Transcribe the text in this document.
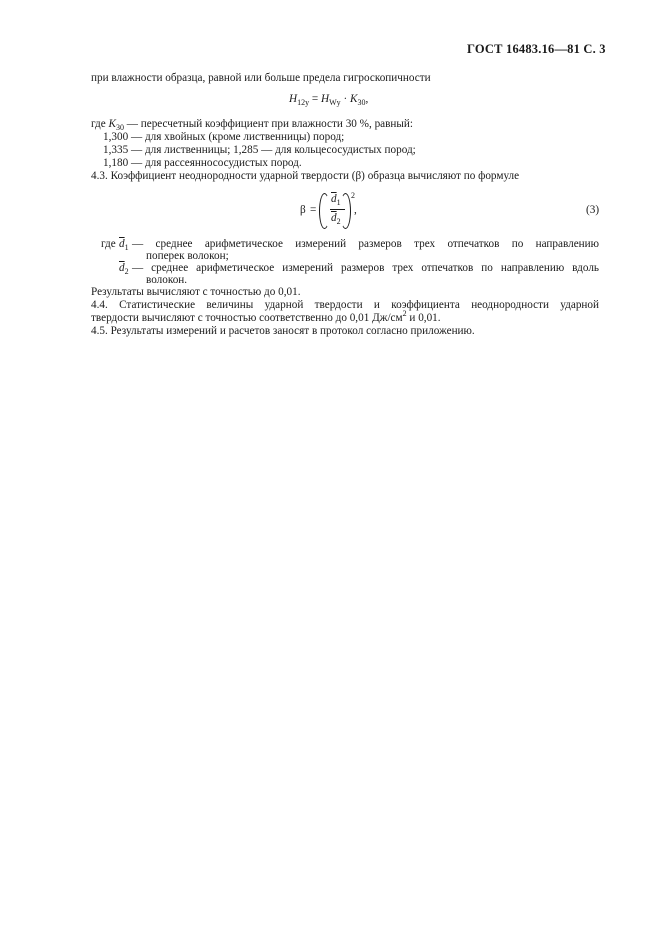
ГОСТ 16483.16—81 С. 3
при влажности образца, равной или больше предела гигроскопичности
$H_{12у} = H_{Wу} \cdot K_{30}$,
где $K_{30}$ — пересчетный коэффициент при влажности 30 %, равный:
1,300 — для хвойных (кроме лиственницы) пород;
1,335 — для лиственницы; 1,285 — для кольцесосудистых пород;
1,180 — для рассеяннососудистых пород.
4.3. Коэффициент неоднородности ударной твердости (β) образца вычисляют по формуле
β =
$\overline{d}_1$
$\overline{d}_2$
2
,	(3)
где $\overline{d}_1$ — среднее арифметическое измерений размеров трех отпечатков по направлению
поперек волокон;
$\overline{d}_2$ — среднее арифметическое измерений размеров трех отпечатков по направлению вдоль
волокон.
Результаты вычисляют с точностью до 0,01.
4.4. Статистические величины ударной твердости и коэффициента неоднородности ударной
твердости вычисляют с точностью соответственно до 0,01 $Дж/см^2$ и 0,01.
4.5. Результаты измерений и расчетов заносят в протокол согласно приложению.
